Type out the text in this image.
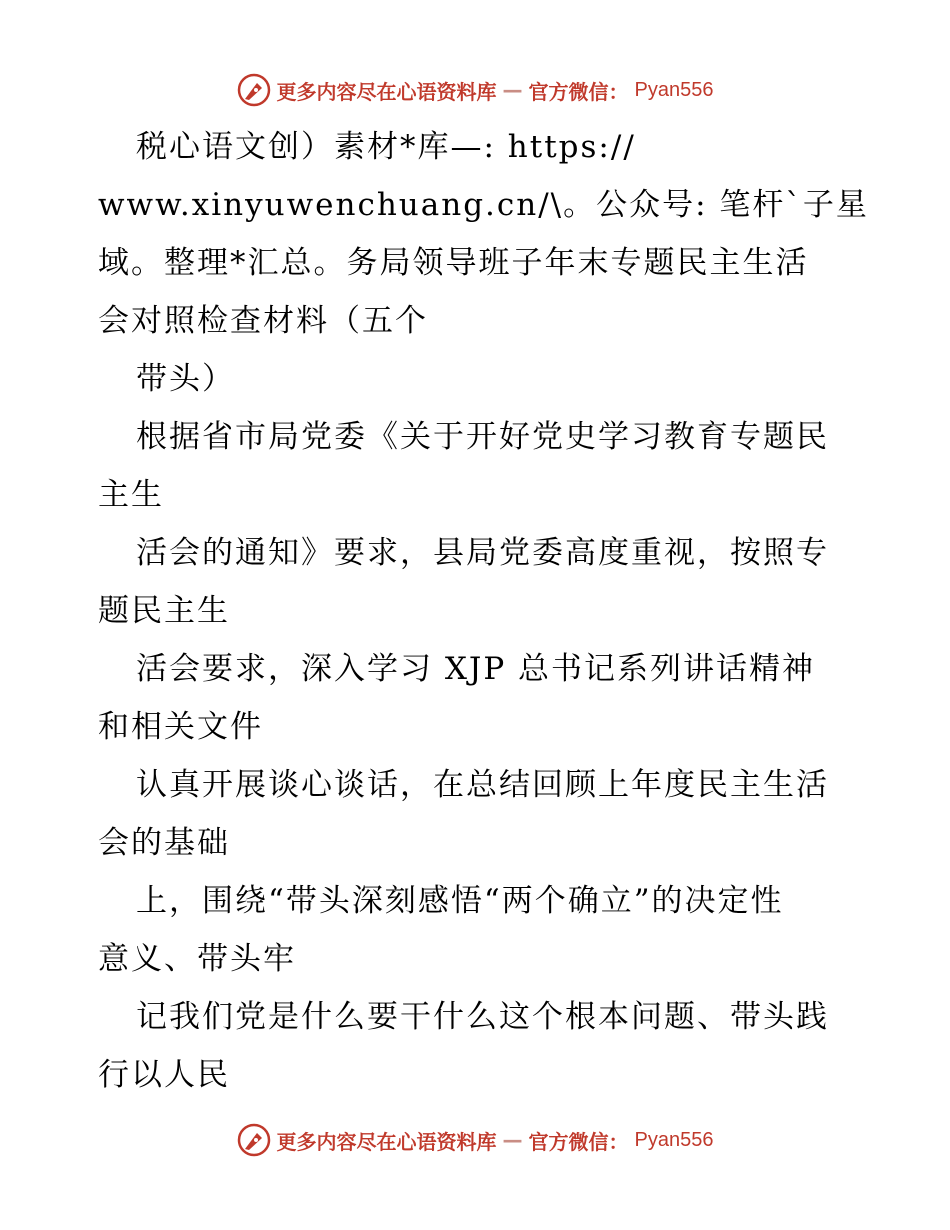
更多内容尽在心语资料库 — 官方微信： Pyan556
税心语文创）素材*库—: https://
www.xinyuwenchuang.cn/\。公众号: 笔杆`子星
域。整理*汇总。务局领导班子年末专题民主生活
会对照检查材料（五个
带头）
根据省市局党委《关于开好党史学习教育专题民
主生
活会的通知》要求，县局党委高度重视，按照专
题民主生
活会要求，深入学习 XJP 总书记系列讲话精神
和相关文件
认真开展谈心谈话，在总结回顾上年度民主生活
会的基础
上，围绕“带头深刻感悟“两个确立”的决定性
意义、带头牢
记我们党是什么要干什么这个根本问题、带头践
行以人民
更多内容尽在心语资料库 — 官方微信： Pyan556
